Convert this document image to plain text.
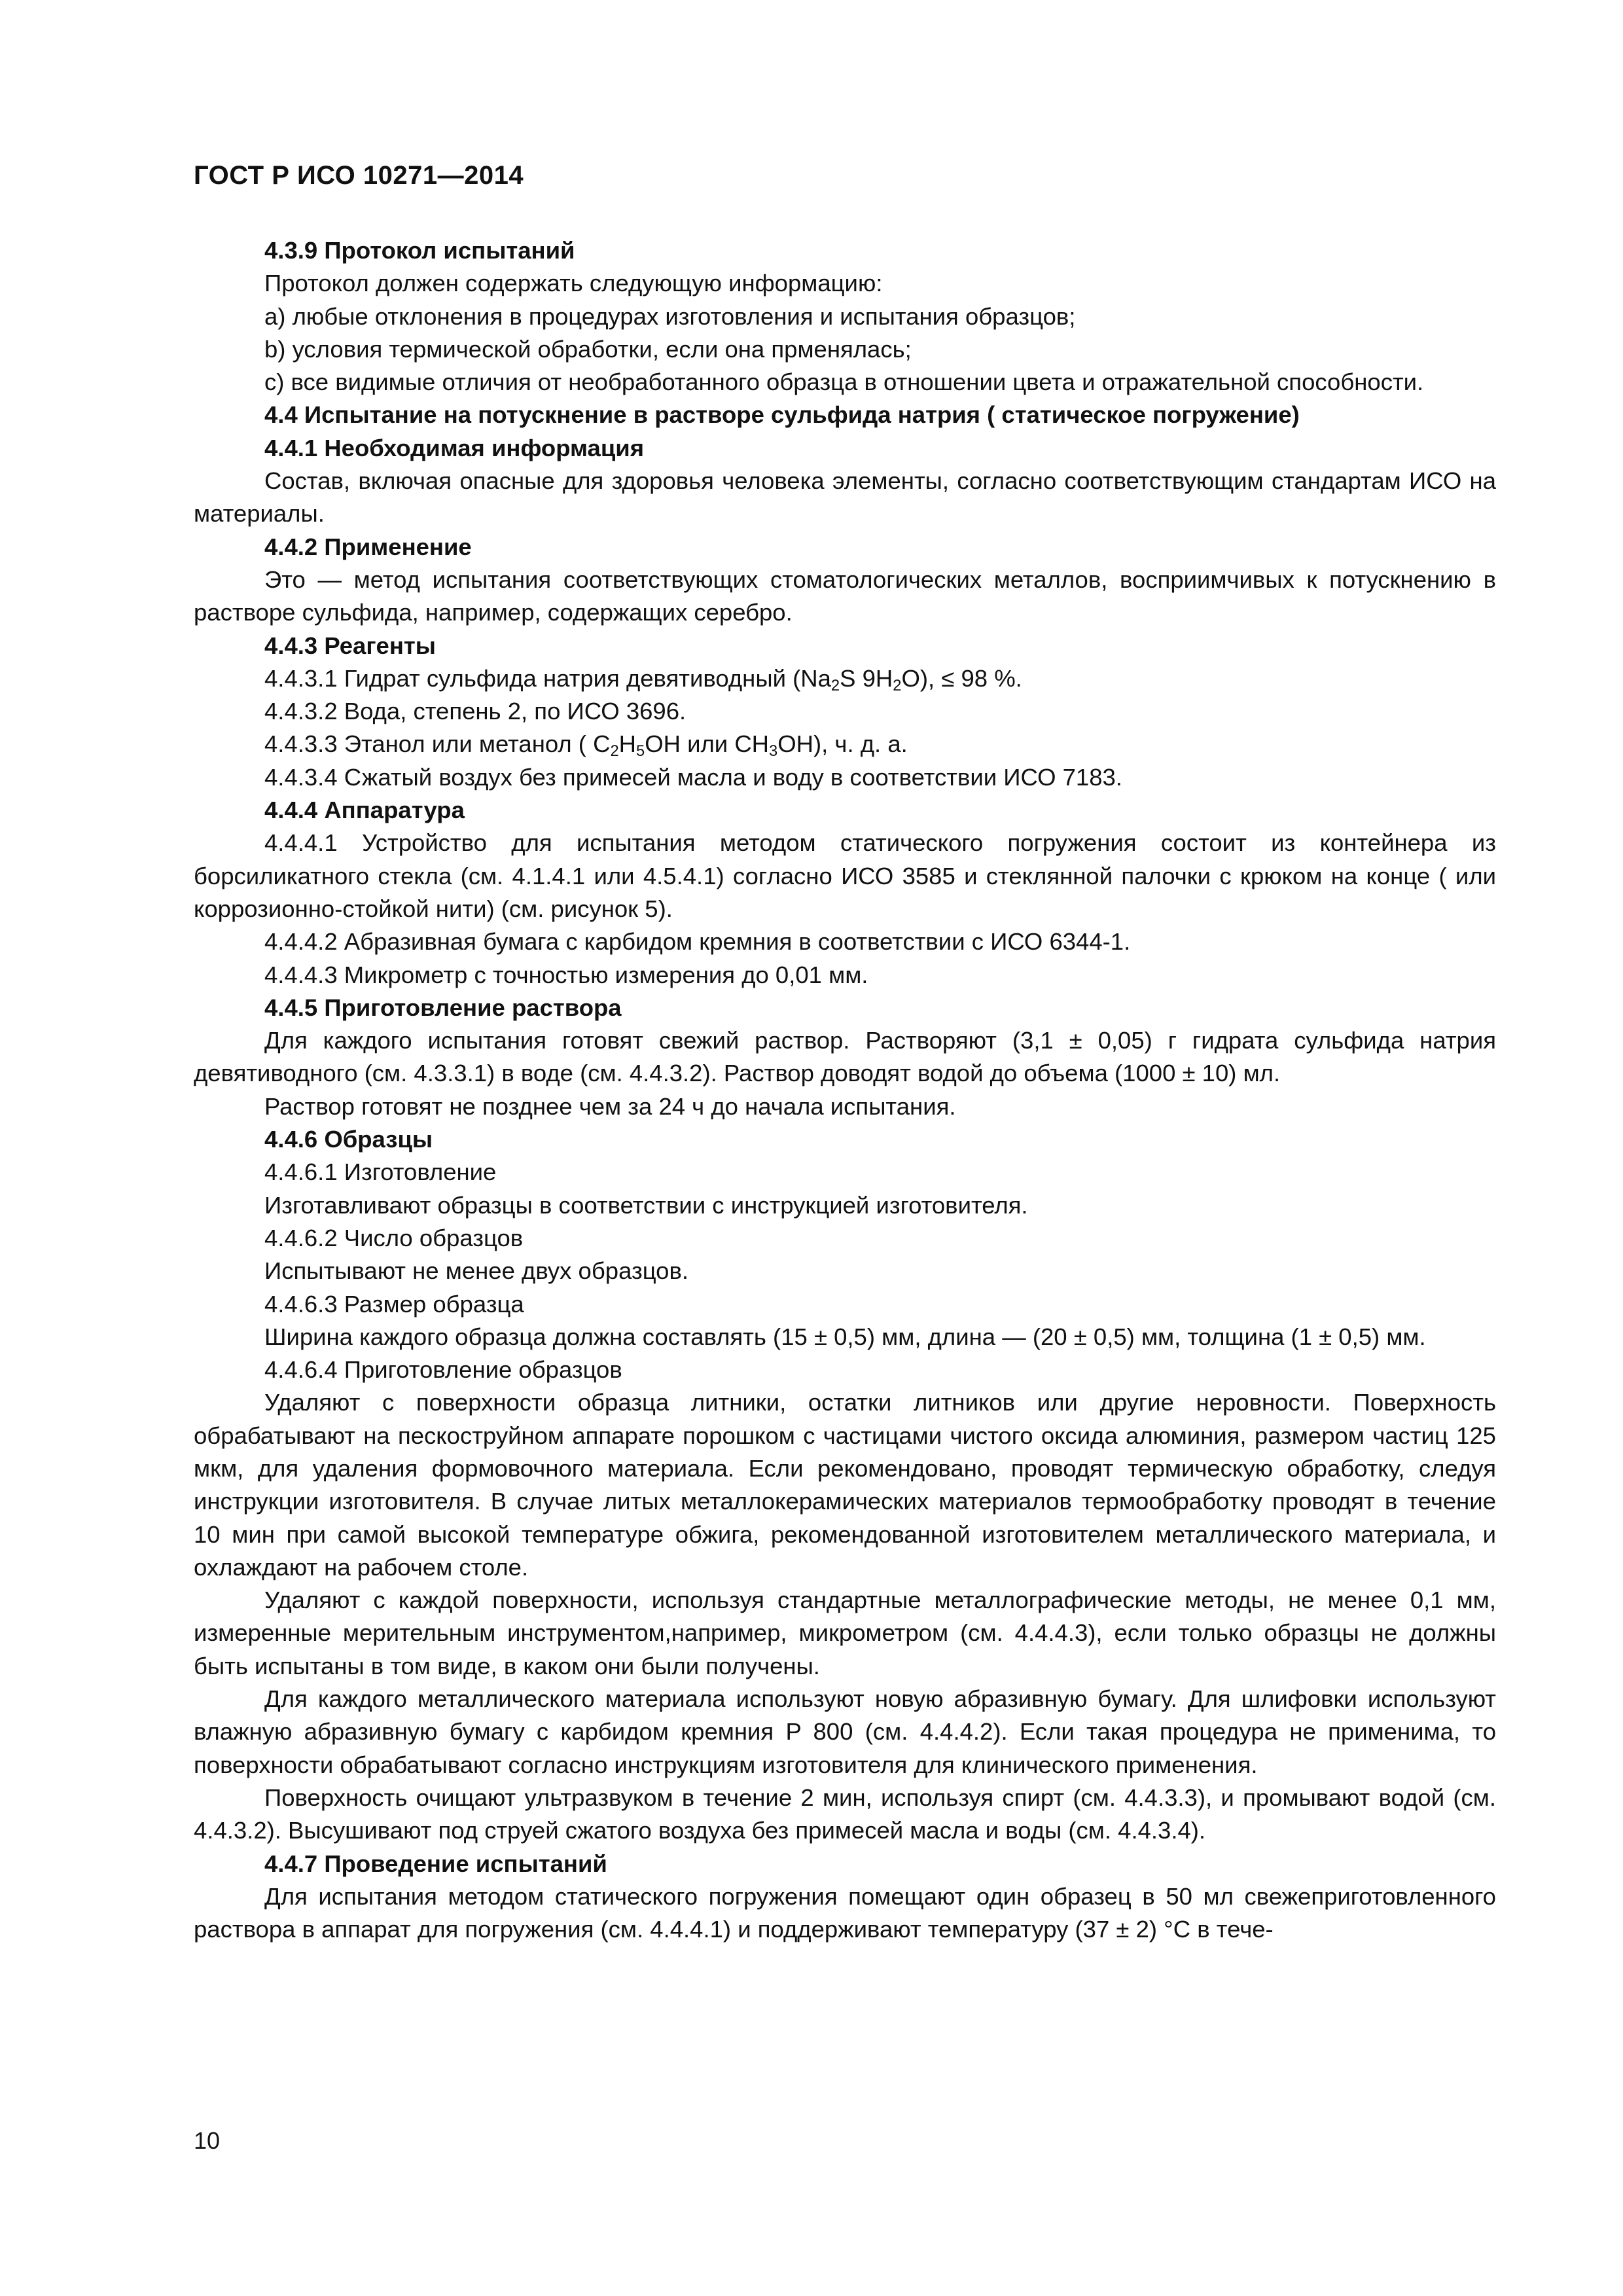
ГОСТ Р ИСО 10271—2014

4.3.9 Протокол испытаний

Протокол должен содержать следующую информацию:

a) любые отклонения в процедурах изготовления и испытания образцов;

b) условия термической обработки, если она прменялась;

c) все видимые отличия от необработанного образца в отношении цвета и отражательной способности.

4.4 Испытание на потускнение в растворе сульфида натрия ( статическое погружение)

4.4.1 Необходимая информация

Состав, включая опасные для здоровья человека элементы, согласно соответствующим стандартам ИСО на материалы.

4.4.2 Применение

Это — метод испытания соответствующих стоматологических металлов, восприимчивых к потускнению в растворе сульфида, например, содержащих серебро.

4.4.3 Реагенты

4.4.3.1 Гидрат сульфида натрия девятиводный ($Na_2S$ $9H_2O$), ≤ 98 %.

4.4.3.2 Вода, степень 2, по ИСО 3696.

4.4.3.3 Этанол или метанол ( $C_2H_5OH$ или $CH_3OH$), ч. д. а.

4.4.3.4 Сжатый воздух без примесей масла и воду в соответствии ИСО 7183.

4.4.4 Аппаратура

4.4.4.1 Устройство для испытания методом статического погружения состоит из контейнера из борсиликатного стекла (см. 4.1.4.1 или 4.5.4.1) согласно ИСО 3585 и стеклянной палочки с крюком на конце ( или коррозионно-стойкой нити) (см. рисунок 5).

4.4.4.2 Абразивная бумага с карбидом кремния в соответствии с ИСО 6344-1.

4.4.4.3 Микрометр с точностью измерения до 0,01 мм.

4.4.5 Приготовление раствора

Для каждого испытания готовят свежий раствор. Растворяют (3,1 ± 0,05) г гидрата сульфида натрия девятиводного (см. 4.3.3.1) в воде (см. 4.4.3.2). Раствор доводят водой до объема (1000 ± 10) мл.

Раствор готовят не позднее чем за 24 ч до начала испытания.

4.4.6 Образцы

4.4.6.1 Изготовление

Изготавливают образцы в соответствии с инструкцией изготовителя.

4.4.6.2 Число образцов

Испытывают не менее двух образцов.

4.4.6.3 Размер образца

Ширина каждого образца должна составлять (15 ± 0,5) мм, длина — (20 ± 0,5) мм, толщина (1 ± 0,5) мм.

4.4.6.4 Приготовление образцов

Удаляют с поверхности образца литники, остатки литников или другие неровности. Поверхность обрабатывают на пескоструйном аппарате порошком с частицами чистого оксида алюминия, размером частиц 125 мкм, для удаления формовочного материала. Если рекомендовано, проводят термическую обработку, следуя инструкции изготовителя. В случае литых металлокерамических материалов термообработку проводят в течение 10 мин при самой высокой температуре обжига, рекомендованной изготовителем металлического материала, и охлаждают на рабочем столе.

Удаляют с каждой поверхности, используя стандартные металлографические методы, не менее 0,1 мм, измеренные мерительным инструментом,например, микрометром (см. 4.4.4.3), если только образцы не должны быть испытаны в том виде, в каком они были получены.

Для каждого металлического материала используют новую абразивную бумагу. Для шлифовки используют влажную абразивную бумагу с карбидом кремния P 800 (см. 4.4.4.2). Если такая процедура не применима, то поверхности обрабатывают согласно инструкциям изготовителя для клинического применения.

Поверхность очищают ультразвуком в течение 2 мин, используя спирт (см. 4.4.3.3), и промывают водой (см. 4.4.3.2). Высушивают под струей сжатого воздуха без примесей масла и воды (см. 4.4.3.4).

4.4.7 Проведение испытаний

Для испытания методом статического погружения помещают один образец в 50 мл свежеприготовленного раствора в аппарат для погружения (см. 4.4.4.1) и поддерживают температуру (37 ± 2) °С в тече-

10
